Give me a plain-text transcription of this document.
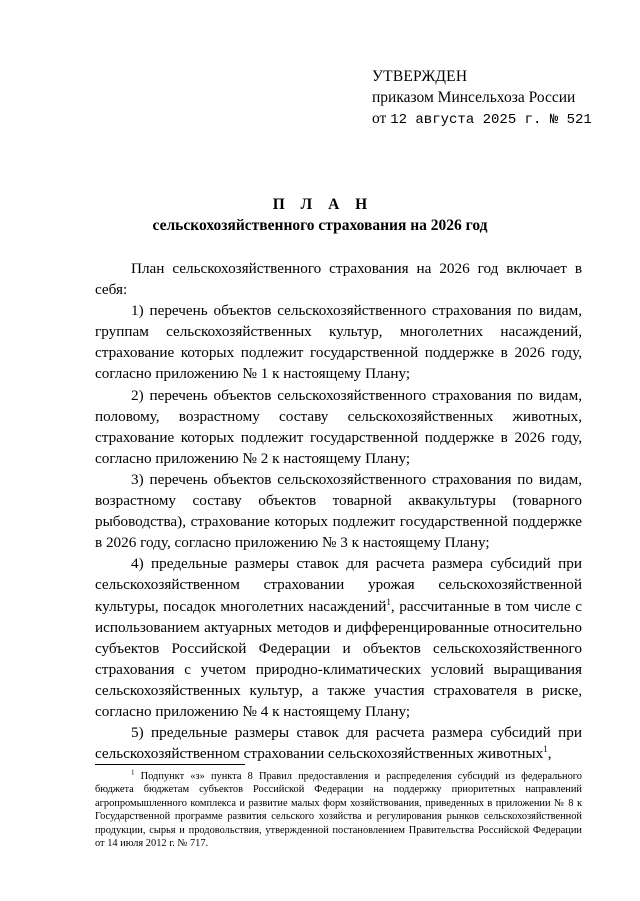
УТВЕРЖДЕН
приказом Минсельхоза России
от 12 августа 2025 г. № 521
П Л А Н
сельскохозяйственного страхования на 2026 год

План сельскохозяйственного страхования на 2026 год включает в себя:

1) перечень объектов сельскохозяйственного страхования по видам, группам сельскохозяйственных культур, многолетних насаждений, страхование которых подлежит государственной поддержке в 2026 году, согласно приложению № 1 к настоящему Плану;

2) перечень объектов сельскохозяйственного страхования по видам, половому, возрастному составу сельскохозяйственных животных, страхование которых подлежит государственной поддержке в 2026 году, согласно приложению № 2 к настоящему Плану;

3) перечень объектов сельскохозяйственного страхования по видам, возрастному составу объектов товарной аквакультуры (товарного рыбоводства), страхование которых подлежит государственной поддержке в 2026 году, согласно приложению № 3 к настоящему Плану;

4) предельные размеры ставок для расчета размера субсидий при сельскохозяйственном страховании урожая сельскохозяйственной культуры, посадок многолетних насаждений$^1$, рассчитанные в том числе с использованием актуарных методов и дифференцированные относительно субъектов Российской Федерации и объектов сельскохозяйственного страхования с учетом природно-климатических условий выращивания сельскохозяйственных культур, а также участия страхователя в риске, согласно приложению № 4 к настоящему Плану;

5) предельные размеры ставок для расчета размера субсидий при сельскохозяйственном страховании сельскохозяйственных животных$^1$,

$^1$ Подпункт «з» пункта 8 Правил предоставления и распределения субсидий из федерального бюджета бюджетам субъектов Российской Федерации на поддержку приоритетных направлений агропромышленного комплекса и развитие малых форм хозяйствования, приведенных в приложении № 8 к Государственной программе развития сельского хозяйства и регулирования рынков сельскохозяйственной продукции, сырья и продовольствия, утвержденной постановлением Правительства Российской Федерации от 14 июля 2012 г. № 717.
